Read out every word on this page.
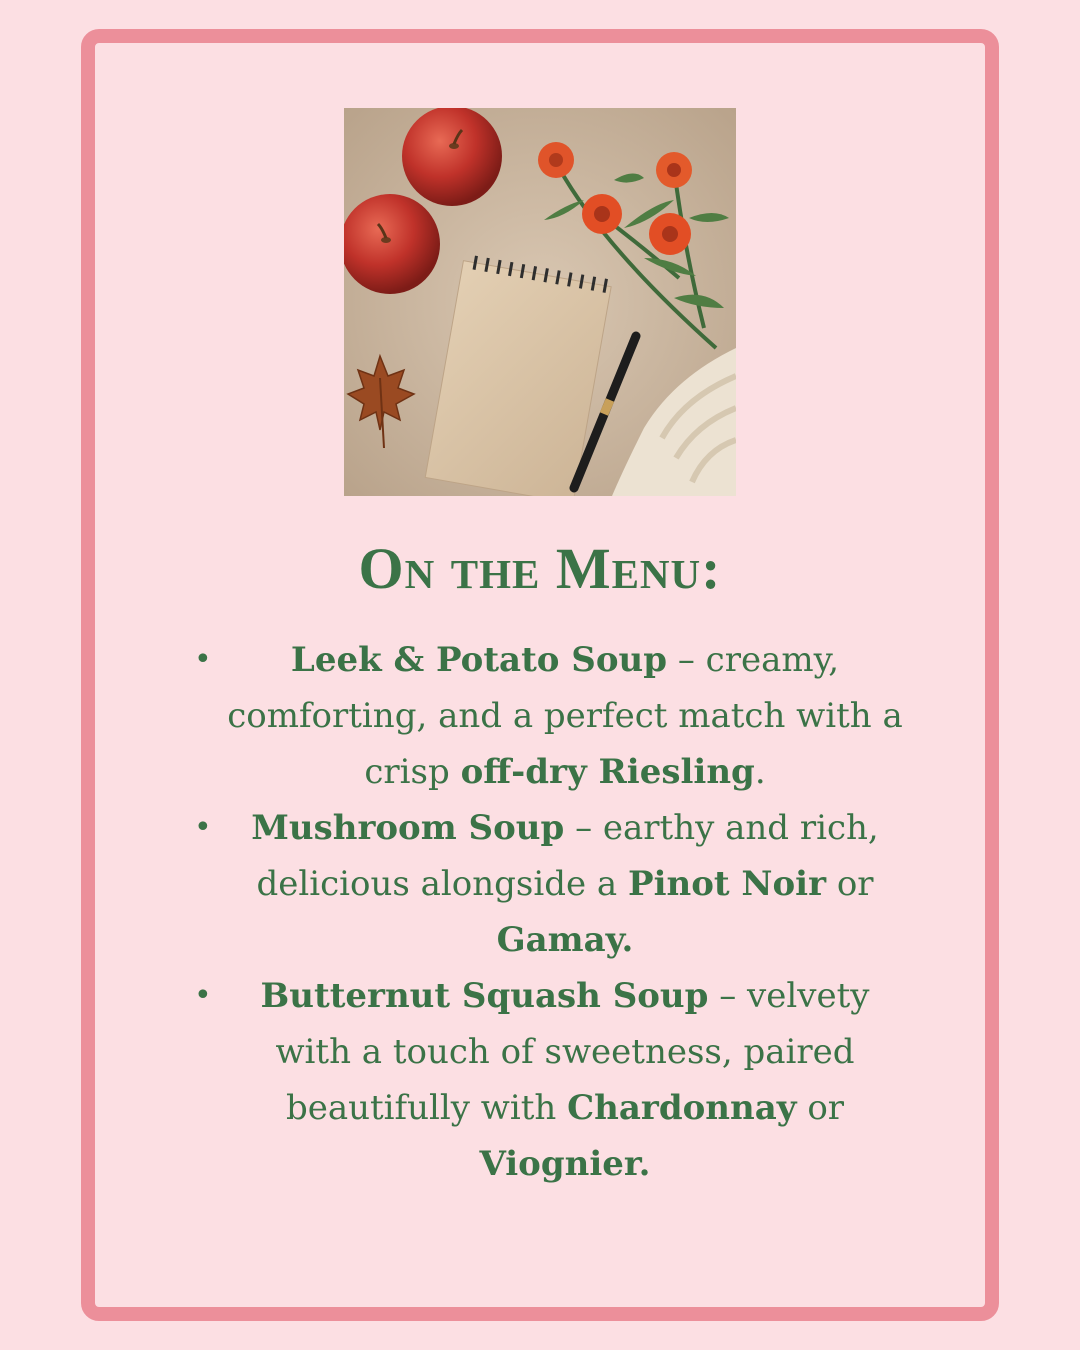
On the Menu:
•	Leek & Potato Soup – creamy, comforting, and a perfect match with a crisp off-dry Riesling.
•	Mushroom Soup – earthy and rich, delicious alongside a Pinot Noir or Gamay.
•	Butternut Squash Soup – velvety with a touch of sweetness, paired beautifully with Chardonnay or Viognier.
